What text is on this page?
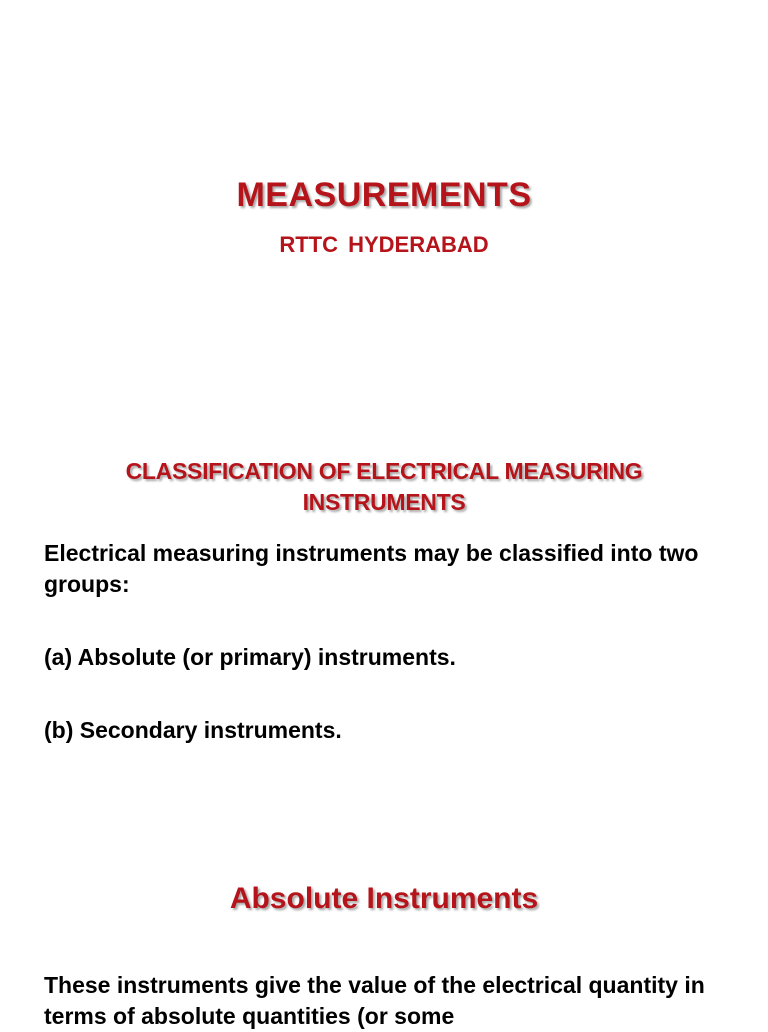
MEASUREMENTS
RTTC HYDERABAD
CLASSIFICATION OF ELECTRICAL MEASURING INSTRUMENTS
Electrical measuring instruments may be classified into two groups:
(a) Absolute (or primary) instruments.
(b) Secondary instruments.
Absolute Instruments
These instruments give the value of the electrical quantity in terms of absolute quantities (or some
